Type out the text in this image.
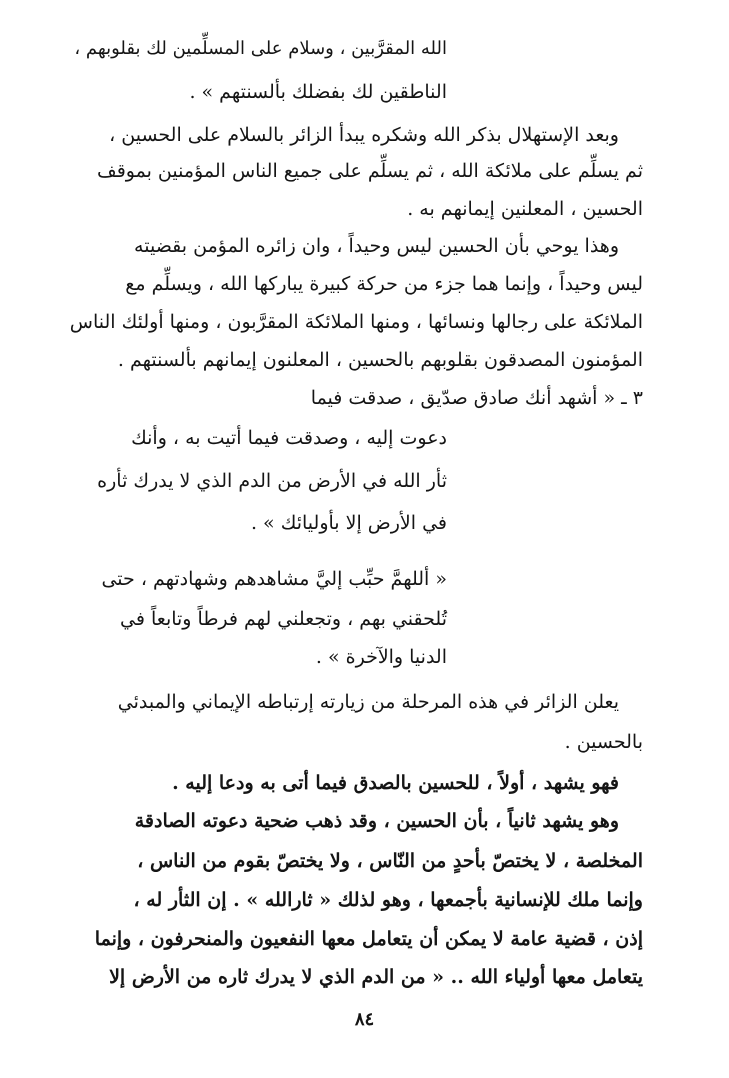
الله المقرَّبين ، وسلام على المسلِّمين لك بقلوبهم ،

الناطقين لك بفضلك بألسنتهم » .

وبعد الإستهلال بذكر الله وشكره يبدأ الزائر بالسلام على الحسين ،

ثم يسلِّم على ملائكة الله ، ثم يسلِّم على جميع الناس المؤمنين بموقف

الحسين ، المعلنين إيمانهم به .

وهذا يوحي بأن الحسين ليس وحيداً ، وان زائره المؤمن بقضيته

ليس وحيداً ، وإنما هما جزء من حركة كبيرة يباركها الله ، ويسلِّم مع

الملائكة على رجالها ونسائها ، ومنها الملائكة المقرَّبون ، ومنها أولئك الناس

المؤمنون المصدقون بقلوبهم بالحسين ، المعلنون إيمانهم بألسنتهم .

٣ ـ « أشهد أنك صادق صدّيق ، صدقت فيما

دعوت إليه ، وصدقت فيما أتيت به ، وأنك

ثأر الله في الأرض من الدم الذي لا يدرك ثأره

في الأرض إلا بأوليائك » .

« أللهمَّ حبِّب إليَّ مشاهدهم وشهادتهم ، حتى

تُلحقني بهم ، وتجعلني لهم فرطاً وتابعاً في

الدنيا والآخرة » .

يعلن الزائر في هذه المرحلة من زيارته إرتباطه الإيماني والمبدئي

بالحسين .

فهو يشهد ، أولاً ، للحسين بالصدق فيما أتى به ودعا إليه .

وهو يشهد ثانياً ، بأن الحسين ، وقد ذهب ضحية دعوته الصادقة

المخلصة ، لا يختصّ بأحدٍ من النّاس ، ولا يختصّ بقوم من الناس ،

وإنما ملك للإنسانية بأجمعها ، وهو لذلك « ثارالله » . إن الثأر له ،

إذن ، قضية عامة لا يمكن أن يتعامل معها النفعيون والمنحرفون ، وإنما

يتعامل معها أولياء الله .. « من الدم الذي لا يدرك ثاره من الأرض إلا

٨٤
